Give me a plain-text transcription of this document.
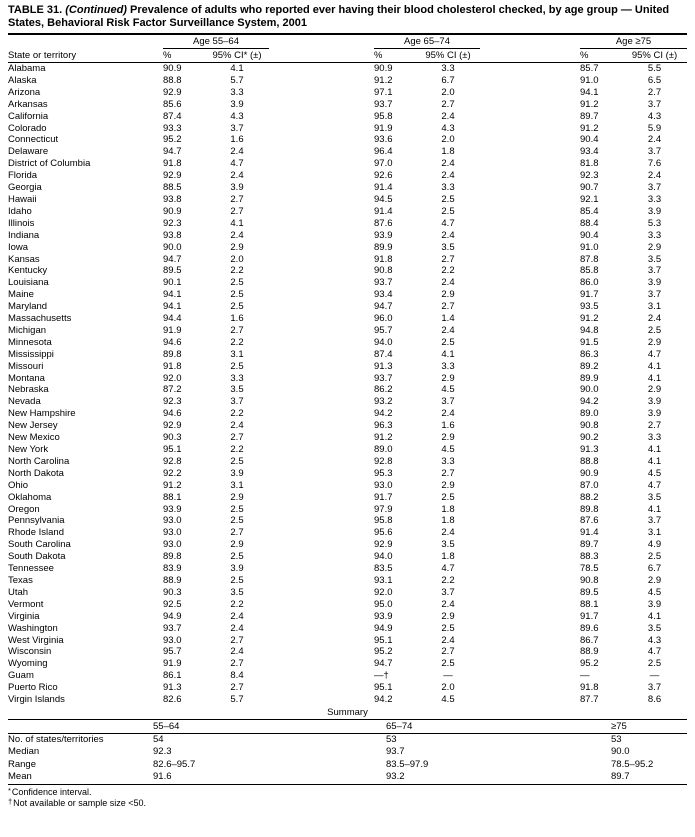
TABLE 31. (Continued) Prevalence of adults who reported ever having their blood cholesterol checked, by age group — United States, Behavioral Risk Factor Surveillance System, 2001
	Age 55–64			Age 65–74			Age ≥75	
State or territory	%	95% CI* (±)		%	95% CI (±)		%	95% CI (±)
Alabama	90.9	4.1		90.9	3.3		85.7	5.5
Alaska	88.8	5.7		91.2	6.7		91.0	6.5
Arizona	92.9	3.3		97.1	2.0		94.1	2.7
Arkansas	85.6	3.9		93.7	2.7		91.2	3.7
California	87.4	4.3		95.8	2.4		89.7	4.3
Colorado	93.3	3.7		91.9	4.3		91.2	5.9
Connecticut	95.2	1.6		93.6	2.0		90.4	2.4
Delaware	94.7	2.4		96.4	1.8		93.4	3.7
District of Columbia	91.8	4.7		97.0	2.4		81.8	7.6
Florida	92.9	2.4		92.6	2.4		92.3	2.4
Georgia	88.5	3.9		91.4	3.3		90.7	3.7
Hawaii	93.8	2.7		94.5	2.5		92.1	3.3
Idaho	90.9	2.7		91.4	2.5		85.4	3.9
Illinois	92.3	4.1		87.6	4.7		88.4	5.3
Indiana	93.8	2.4		93.9	2.4		90.4	3.3
Iowa	90.0	2.9		89.9	3.5		91.0	2.9
Kansas	94.7	2.0		91.8	2.7		87.8	3.5
Kentucky	89.5	2.2		90.8	2.2		85.8	3.7
Louisiana	90.1	2.5		93.7	2.4		86.0	3.9
Maine	94.1	2.5		93.4	2.9		91.7	3.7
Maryland	94.1	2.5		94.7	2.7		93.5	3.1
Massachusetts	94.4	1.6		96.0	1.4		91.2	2.4
Michigan	91.9	2.7		95.7	2.4		94.8	2.5
Minnesota	94.6	2.2		94.0	2.5		91.5	2.9
Mississippi	89.8	3.1		87.4	4.1		86.3	4.7
Missouri	91.8	2.5		91.3	3.3		89.2	4.1
Montana	92.0	3.3		93.7	2.9		89.9	4.1
Nebraska	87.2	3.5		86.2	4.5		90.0	2.9
Nevada	92.3	3.7		93.2	3.7		94.2	3.9
New Hampshire	94.6	2.2		94.2	2.4		89.0	3.9
New Jersey	92.9	2.4		96.3	1.6		90.8	2.7
New Mexico	90.3	2.7		91.2	2.9		90.2	3.3
New York	95.1	2.2		89.0	4.5		91.3	4.1
North Carolina	92.8	2.5		92.8	3.3		88.8	4.1
North Dakota	92.2	3.9		95.3	2.7		90.9	4.5
Ohio	91.2	3.1		93.0	2.9		87.0	4.7
Oklahoma	88.1	2.9		91.7	2.5		88.2	3.5
Oregon	93.9	2.5		97.9	1.8		89.8	4.1
Pennsylvania	93.0	2.5		95.8	1.8		87.6	3.7
Rhode Island	93.0	2.7		95.6	2.4		91.4	3.1
South Carolina	93.0	2.9		92.9	3.5		89.7	4.9
South Dakota	89.8	2.5		94.0	1.8		88.3	2.5
Tennessee	83.9	3.9		83.5	4.7		78.5	6.7
Texas	88.9	2.5		93.1	2.2		90.8	2.9
Utah	90.3	3.5		92.0	3.7		89.5	4.5
Vermont	92.5	2.2		95.0	2.4		88.1	3.9
Virginia	94.9	2.4		93.9	2.9		91.7	4.1
Washington	93.7	2.4		94.9	2.5		89.6	3.5
West Virginia	93.0	2.7		95.1	2.4		86.7	4.3
Wisconsin	95.7	2.4		95.2	2.7		88.9	4.7
Wyoming	91.9	2.7		94.7	2.5		95.2	2.5
Guam	86.1	8.4		—†	—		—	—
Puerto Rico	91.3	2.7		95.1	2.0		91.8	3.7
Virgin Islands	82.6	5.7		94.2	4.5		87.7	8.6
Summary
	55–64	65–74	≥75
No. of states/territories	54	53	53
Median	92.3	93.7	90.0
Range	82.6–95.7	83.5–97.9	78.5–95.2
Mean	91.6	93.2	89.7
*Confidence interval.
†Not available or sample size <50.
